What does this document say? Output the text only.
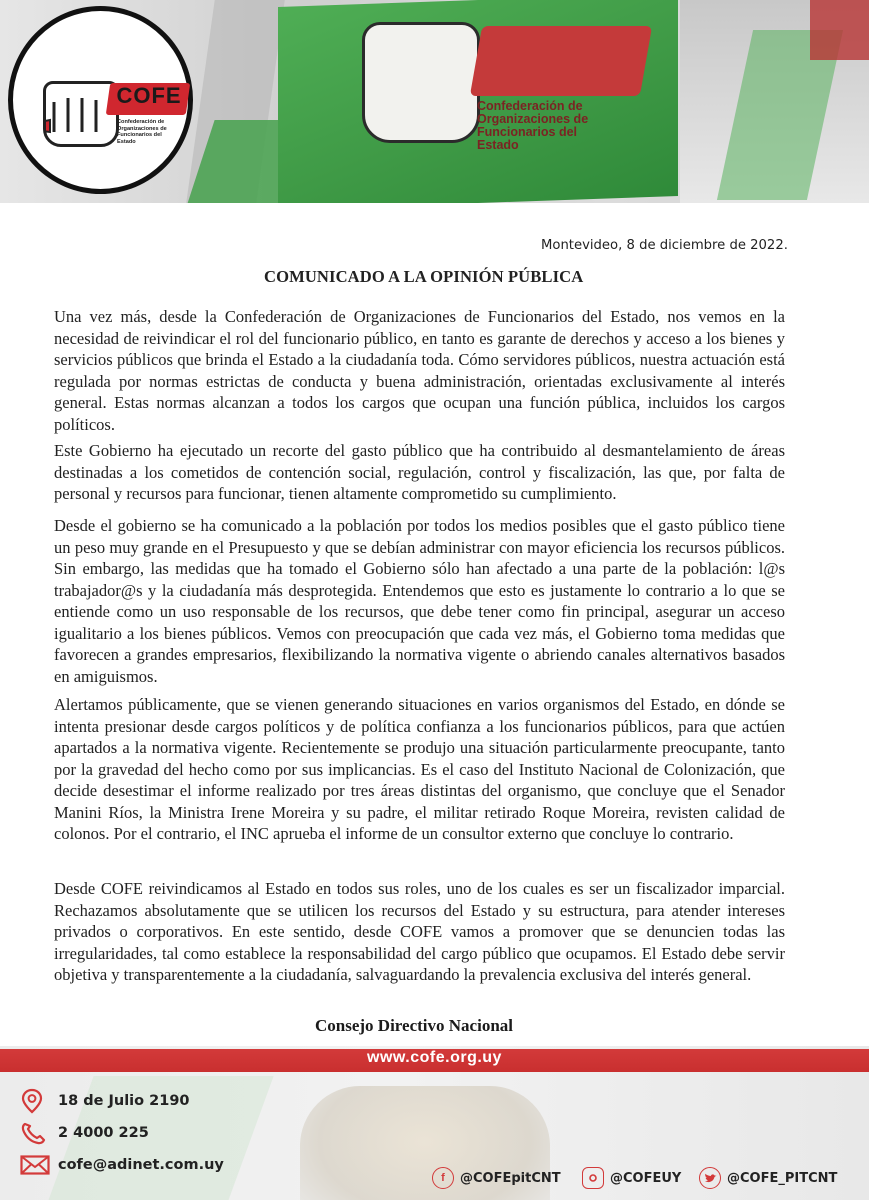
Confederación de
Organizaciones de
Funcionarios del
Estado
COFE
Confederación de
Organizaciones de
Funcionarios del
Estado
Montevideo, 8 de diciembre de 2022.
COMUNICADO A LA OPINIÓN PÚBLICA

Una vez más, desde la Confederación de Organizaciones de Funcionarios del Estado, nos vemos en la necesidad de reivindicar el rol del funcionario público, en tanto es garante de derechos y acceso a los bienes y servicios públicos que brinda el Estado a la ciudadanía toda. Cómo servidores públicos, nuestra actuación está regulada por normas estrictas de conducta y buena administración, orientadas exclusivamente al interés general. Estas normas alcanzan a todos los cargos que ocupan una función pública, incluidos los cargos políticos.

Este Gobierno ha ejecutado un recorte del gasto público que ha contribuido al desmantelamiento de áreas destinadas a los cometidos de contención social, regulación, control y fiscalización, las que, por falta de personal y recursos para funcionar, tienen altamente comprometido su cumplimiento.

Desde el gobierno se ha comunicado a la población por todos los medios posibles que el gasto público tiene un peso muy grande en el Presupuesto y que se debían administrar con mayor eficiencia los recursos públicos. Sin embargo, las medidas que ha tomado el Gobierno sólo han afectado a una parte de la población: l@s trabajador@s y la ciudadanía más desprotegida. Entendemos que esto es justamente lo contrario a lo que se entiende como un uso responsable de los recursos, que debe tener como fin principal, asegurar un acceso igualitario a los bienes públicos. Vemos con preocupación que cada vez más, el Gobierno toma medidas que favorecen a grandes empresarios, flexibilizando la normativa vigente o abriendo canales alternativos basados en amiguismos.

Alertamos públicamente, que se vienen generando situaciones en varios organismos del Estado, en dónde se intenta presionar desde cargos políticos y de política confianza a los funcionarios públicos, para que actúen apartados a la normativa vigente. Recientemente se produjo una situación particularmente preocupante, tanto por la gravedad del hecho como por sus implicancias. Es el caso del Instituto Nacional de Colonización, que decide desestimar el informe realizado por tres áreas distintas del organismo, que concluye que el Senador Manini Ríos, la Ministra Irene Moreira y su padre, el militar retirado Roque Moreira, revisten calidad de colonos. Por el contrario, el INC aprueba el informe de un consultor externo que concluye lo contrario.

Desde COFE reivindicamos al Estado en todos sus roles, uno de los cuales es ser un fiscalizador imparcial. Rechazamos absolutamente que se utilicen los recursos del Estado y su estructura, para atender intereses privados o corporativos. En este sentido, desde COFE vamos a promover que se denuncien todas las irregularidades, tal como establece la responsabilidad del cargo público que ocupamos. El Estado debe servir objetiva y transparentemente a la ciudadanía, salvaguardando la prevalencia exclusiva del interés general.

Consejo Directivo Nacional
www.cofe.org.uy
18 de Julio 2190
2 4000 225
cofe@adinet.com.uy
f	@COFEpitCNT	@COFEUY	@COFE_PITCNT
